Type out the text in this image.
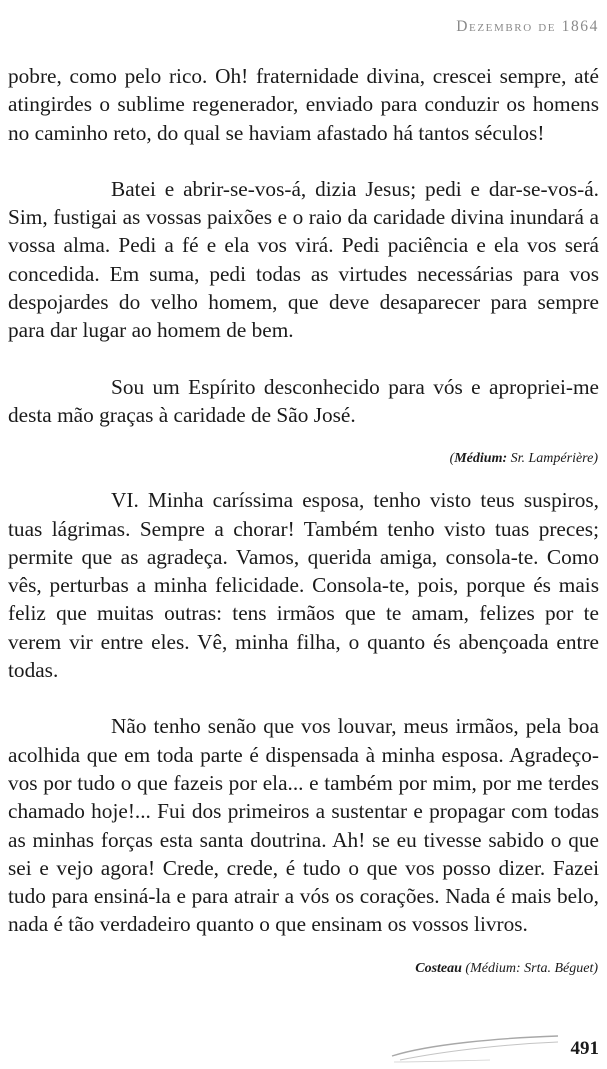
Dezembro de 1864

pobre, como pelo rico. Oh! fraternidade divina, crescei sempre, até atingirdes o sublime regenerador, enviado para conduzir os homens no caminho reto, do qual se haviam afastado há tantos séculos!

Batei e abrir-se-vos-á, dizia Jesus; pedi e dar-se-vos-á. Sim, fustigai as vossas paixões e o raio da caridade divina inundará a vossa alma. Pedi a fé e ela vos virá. Pedi paciência e ela vos será concedida. Em suma, pedi todas as virtudes necessárias para vos despojardes do velho homem, que deve desaparecer para sempre para dar lugar ao homem de bem.

Sou um Espírito desconhecido para vós e apropriei-me desta mão graças à caridade de São José.

(Médium: Sr. Lampérière)

VI. Minha caríssima esposa, tenho visto teus suspiros, tuas lágrimas. Sempre a chorar! Também tenho visto tuas preces; permite que as agradeça. Vamos, querida amiga, consola-te. Como vês, perturbas a minha felicidade. Consola-te, pois, porque és mais feliz que muitas outras: tens irmãos que te amam, felizes por te verem vir entre eles. Vê, minha filha, o quanto és abençoada entre todas.

Não tenho senão que vos louvar, meus irmãos, pela boa acolhida que em toda parte é dispensada à minha esposa. Agradeço-vos por tudo o que fazeis por ela... e também por mim, por me terdes chamado hoje!... Fui dos primeiros a sustentar e propagar com todas as minhas forças esta santa doutrina. Ah! se eu tivesse sabido o que sei e vejo agora! Crede, crede, é tudo o que vos posso dizer. Fazei tudo para ensiná-la e para atrair a vós os corações. Nada é mais belo, nada é tão verdadeiro quanto o que ensinam os vossos livros.

Costeau (Médium: Srta. Béguet)

491
